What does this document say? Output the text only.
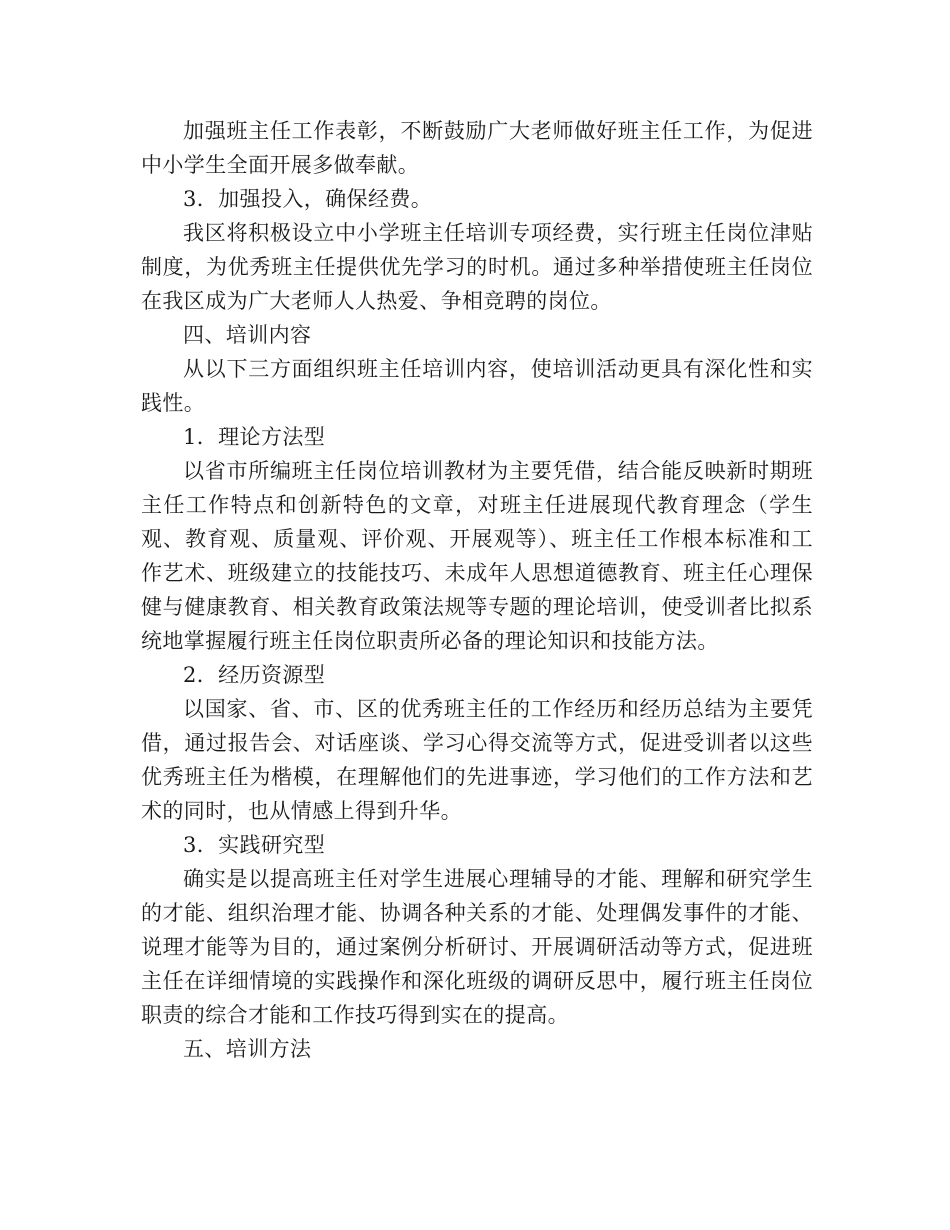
加强班主任工作表彰，不断鼓励广大老师做好班主任工作，为促进中小学生全面开展多做奉献。

3．加强投入，确保经费。

我区将积极设立中小学班主任培训专项经费，实行班主任岗位津贴制度，为优秀班主任提供优先学习的时机。通过多种举措使班主任岗位在我区成为广大老师人人热爱、争相竞聘的岗位。

四、培训内容

从以下三方面组织班主任培训内容，使培训活动更具有深化性和实践性。

1．理论方法型

以省市所编班主任岗位培训教材为主要凭借，结合能反映新时期班主任工作特点和创新特色的文章，对班主任进展现代教育理念（学生观、教育观、质量观、评价观、开展观等）、班主任工作根本标准和工作艺术、班级建立的技能技巧、未成年人思想道德教育、班主任心理保健与健康教育、相关教育政策法规等专题的理论培训，使受训者比拟系统地掌握履行班主任岗位职责所必备的理论知识和技能方法。

2．经历资源型

以国家、省、市、区的优秀班主任的工作经历和经历总结为主要凭借，通过报告会、对话座谈、学习心得交流等方式，促进受训者以这些优秀班主任为楷模，在理解他们的先进事迹，学习他们的工作方法和艺术的同时，也从情感上得到升华。

3．实践研究型

确实是以提高班主任对学生进展心理辅导的才能、理解和研究学生的才能、组织治理才能、协调各种关系的才能、处理偶发事件的才能、说理才能等为目的，通过案例分析研讨、开展调研活动等方式，促进班主任在详细情境的实践操作和深化班级的调研反思中，履行班主任岗位职责的综合才能和工作技巧得到实在的提高。

五、培训方法
